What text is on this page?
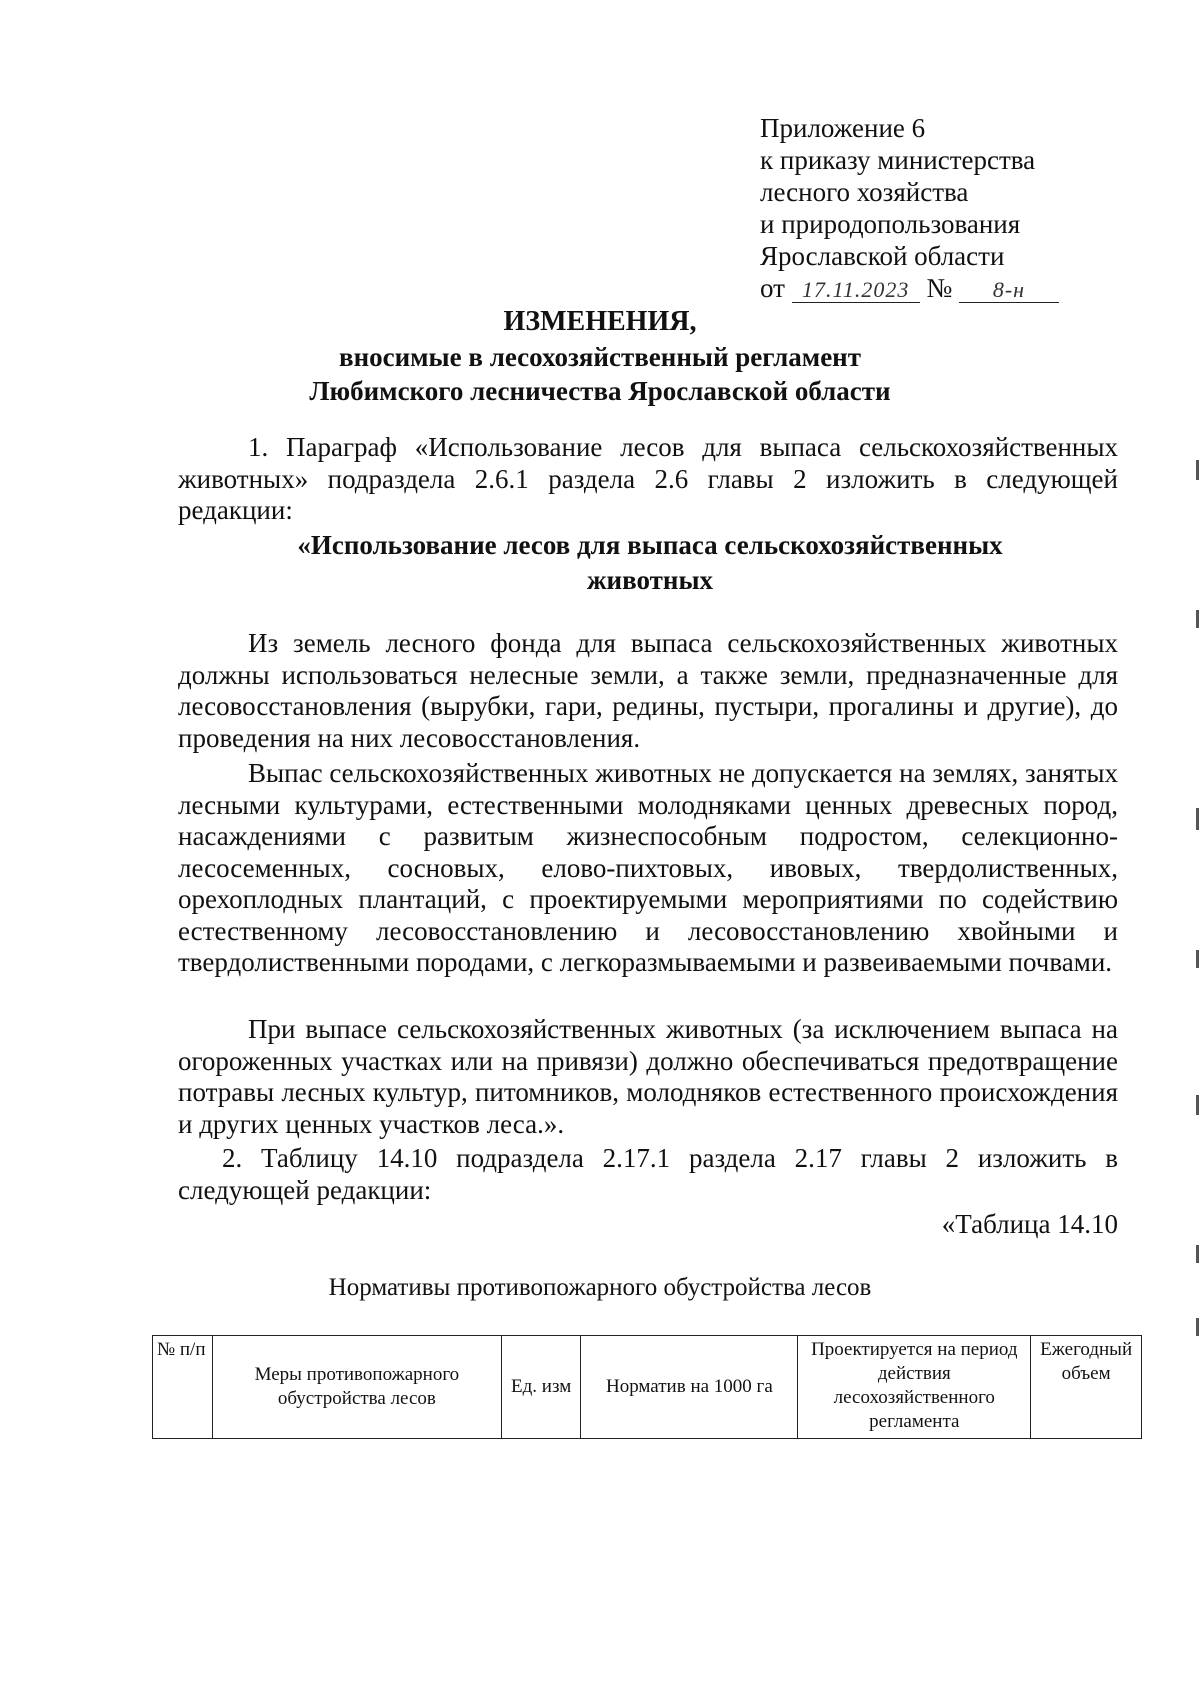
Приложение 6
к приказу министерства
лесного хозяйства
и природопользования
Ярославской области
от 17.11.2023 № 8-н
ИЗМЕНЕНИЯ,
вносимые в лесохозяйственный регламент
Любимского лесничества Ярославской области
1. Параграф «Использование лесов для выпаса сельскохозяйственных животных» подраздела 2.6.1 раздела 2.6 главы 2 изложить в следующей редакции:
«Использование лесов для выпаса сельскохозяйственных
животных
Из земель лесного фонда для выпаса сельскохозяйственных животных должны использоваться нелесные земли, а также земли, предназначенные для лесовосстановления (вырубки, гари, редины, пустыри, прогалины и другие), до проведения на них лесовосстановления.
Выпас сельскохозяйственных животных не допускается на землях, занятых лесными культурами, естественными молодняками ценных древесных пород, насаждениями с развитым жизнеспособным подростом, селекционно-лесосеменных, сосновых, елово-пихтовых, ивовых, твердолиственных, орехоплодных плантаций, с проектируемыми мероприятиями по содействию естественному лесовосстановлению и лесовосстановлению хвойными и твердолиственными породами, с легкоразмываемыми и развеиваемыми почвами.
При выпасе сельскохозяйственных животных (за исключением выпаса на огороженных участках или на привязи) должно обеспечиваться предотвращение потравы лесных культур, питомников, молодняков естественного происхождения и других ценных участков леса.».
2. Таблицу 14.10 подраздела 2.17.1 раздела 2.17 главы 2 изложить в следующей редакции:
«Таблица 14.10
Нормативы противопожарного обустройства лесов
№ п/п	Меры противопожарного обустройства лесов	Ед. изм	Норматив на 1000 га	Проектируется на период действия лесохозяйственного регламента	Ежегодный объем
